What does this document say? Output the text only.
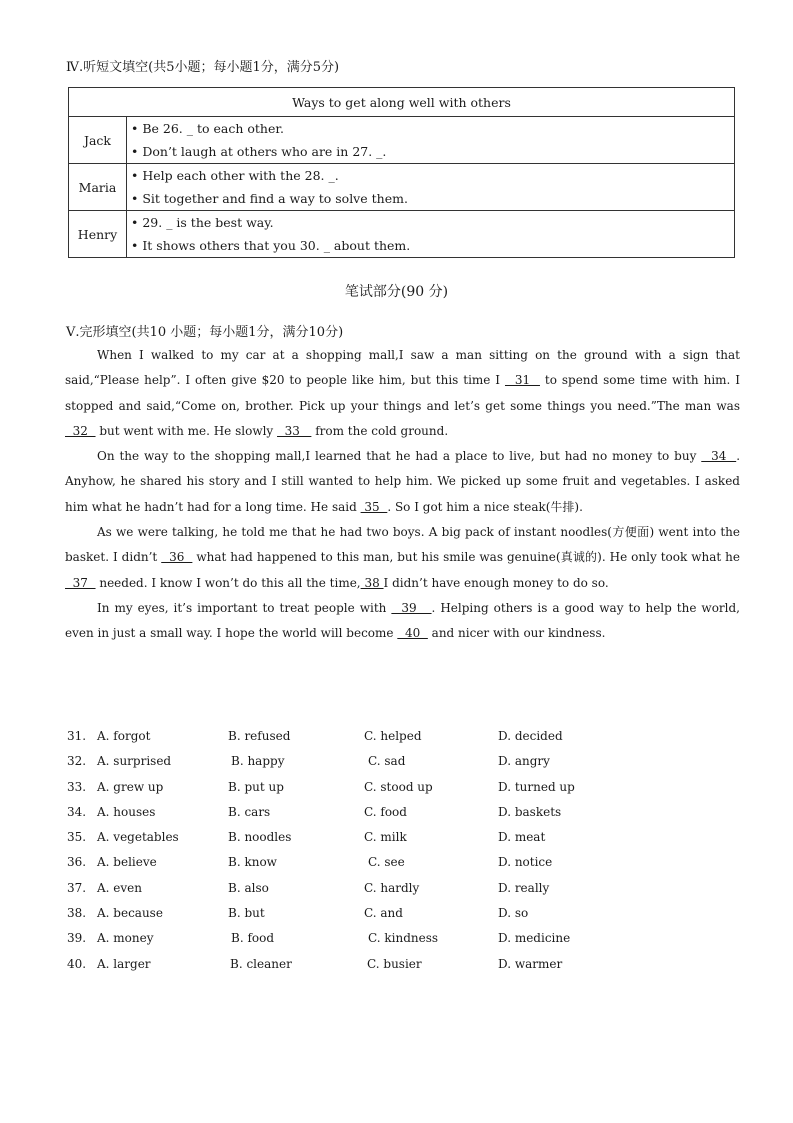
Ⅳ.听短文填空(共5小题；每小题1分，满分5分)
Ways to get along well with others	
Jack	• Be 26. _ to each other.
	• Don’t laugh at others who are in 27. _.
Maria	• Help each other with the 28. _.
	• Sit together and find a way to solve them.
Henry	• 29. _ is the best way.
	• It shows others that you 30. _ about them.
笔试部分(90 分)
Ⅴ.完形填空(共10 小题；每小题1分，满分10分)

When I walked to my car at a shopping mall,I saw a man sitting on the ground with a sign that said,“Please help”. I often give $20 to people like him, but this time I   31   to spend some time with him. I stopped and said,“Come on, brother. Pick up your things and let’s get some things you need.”The man was   32   but went with me. He slowly   33    from the cold ground.

On the way to the shopping mall,I learned that he had a place to live, but had no money to buy   34  . Anyhow, he shared his story and I still wanted to help him. We picked up some fruit and vegetables. I asked him what he hadn’t had for a long time. He said  35  . So I got him a nice steak(牛排).

As we were talking, he told me that he had two boys. A big pack of instant noodles(方便面) went into the basket. I didn’t   36   what had happened to this man, but his smile was genuine(真诚的). He only took what he   37   needed. I know I won’t do this all the time, 38 I didn’t have enough money to do so.

In my eyes, it’s important to treat people with   39   . Helping others is a good way to help the world, even in just a small way. I hope the world will become   40   and nicer with our kindness.

31. A. forgot	B. refused	C. helped	D. decided
32. A. surprised	B. happy	C. sad	D. angry
33. A. grew up	B. put up	C. stood up	D. turned up
34. A. houses	B. cars	C. food	D. baskets
35. A. vegetables	B. noodles	C. milk	D. meat
36. A. believe	B. know	C. see	D. notice
37. A. even	B. also	C. hardly	D. really
38. A. because	B. but	C. and	D. so
39. A. money	B. food	C. kindness	D. medicine
40. A. larger	B. cleaner	C. busier	D. warmer
